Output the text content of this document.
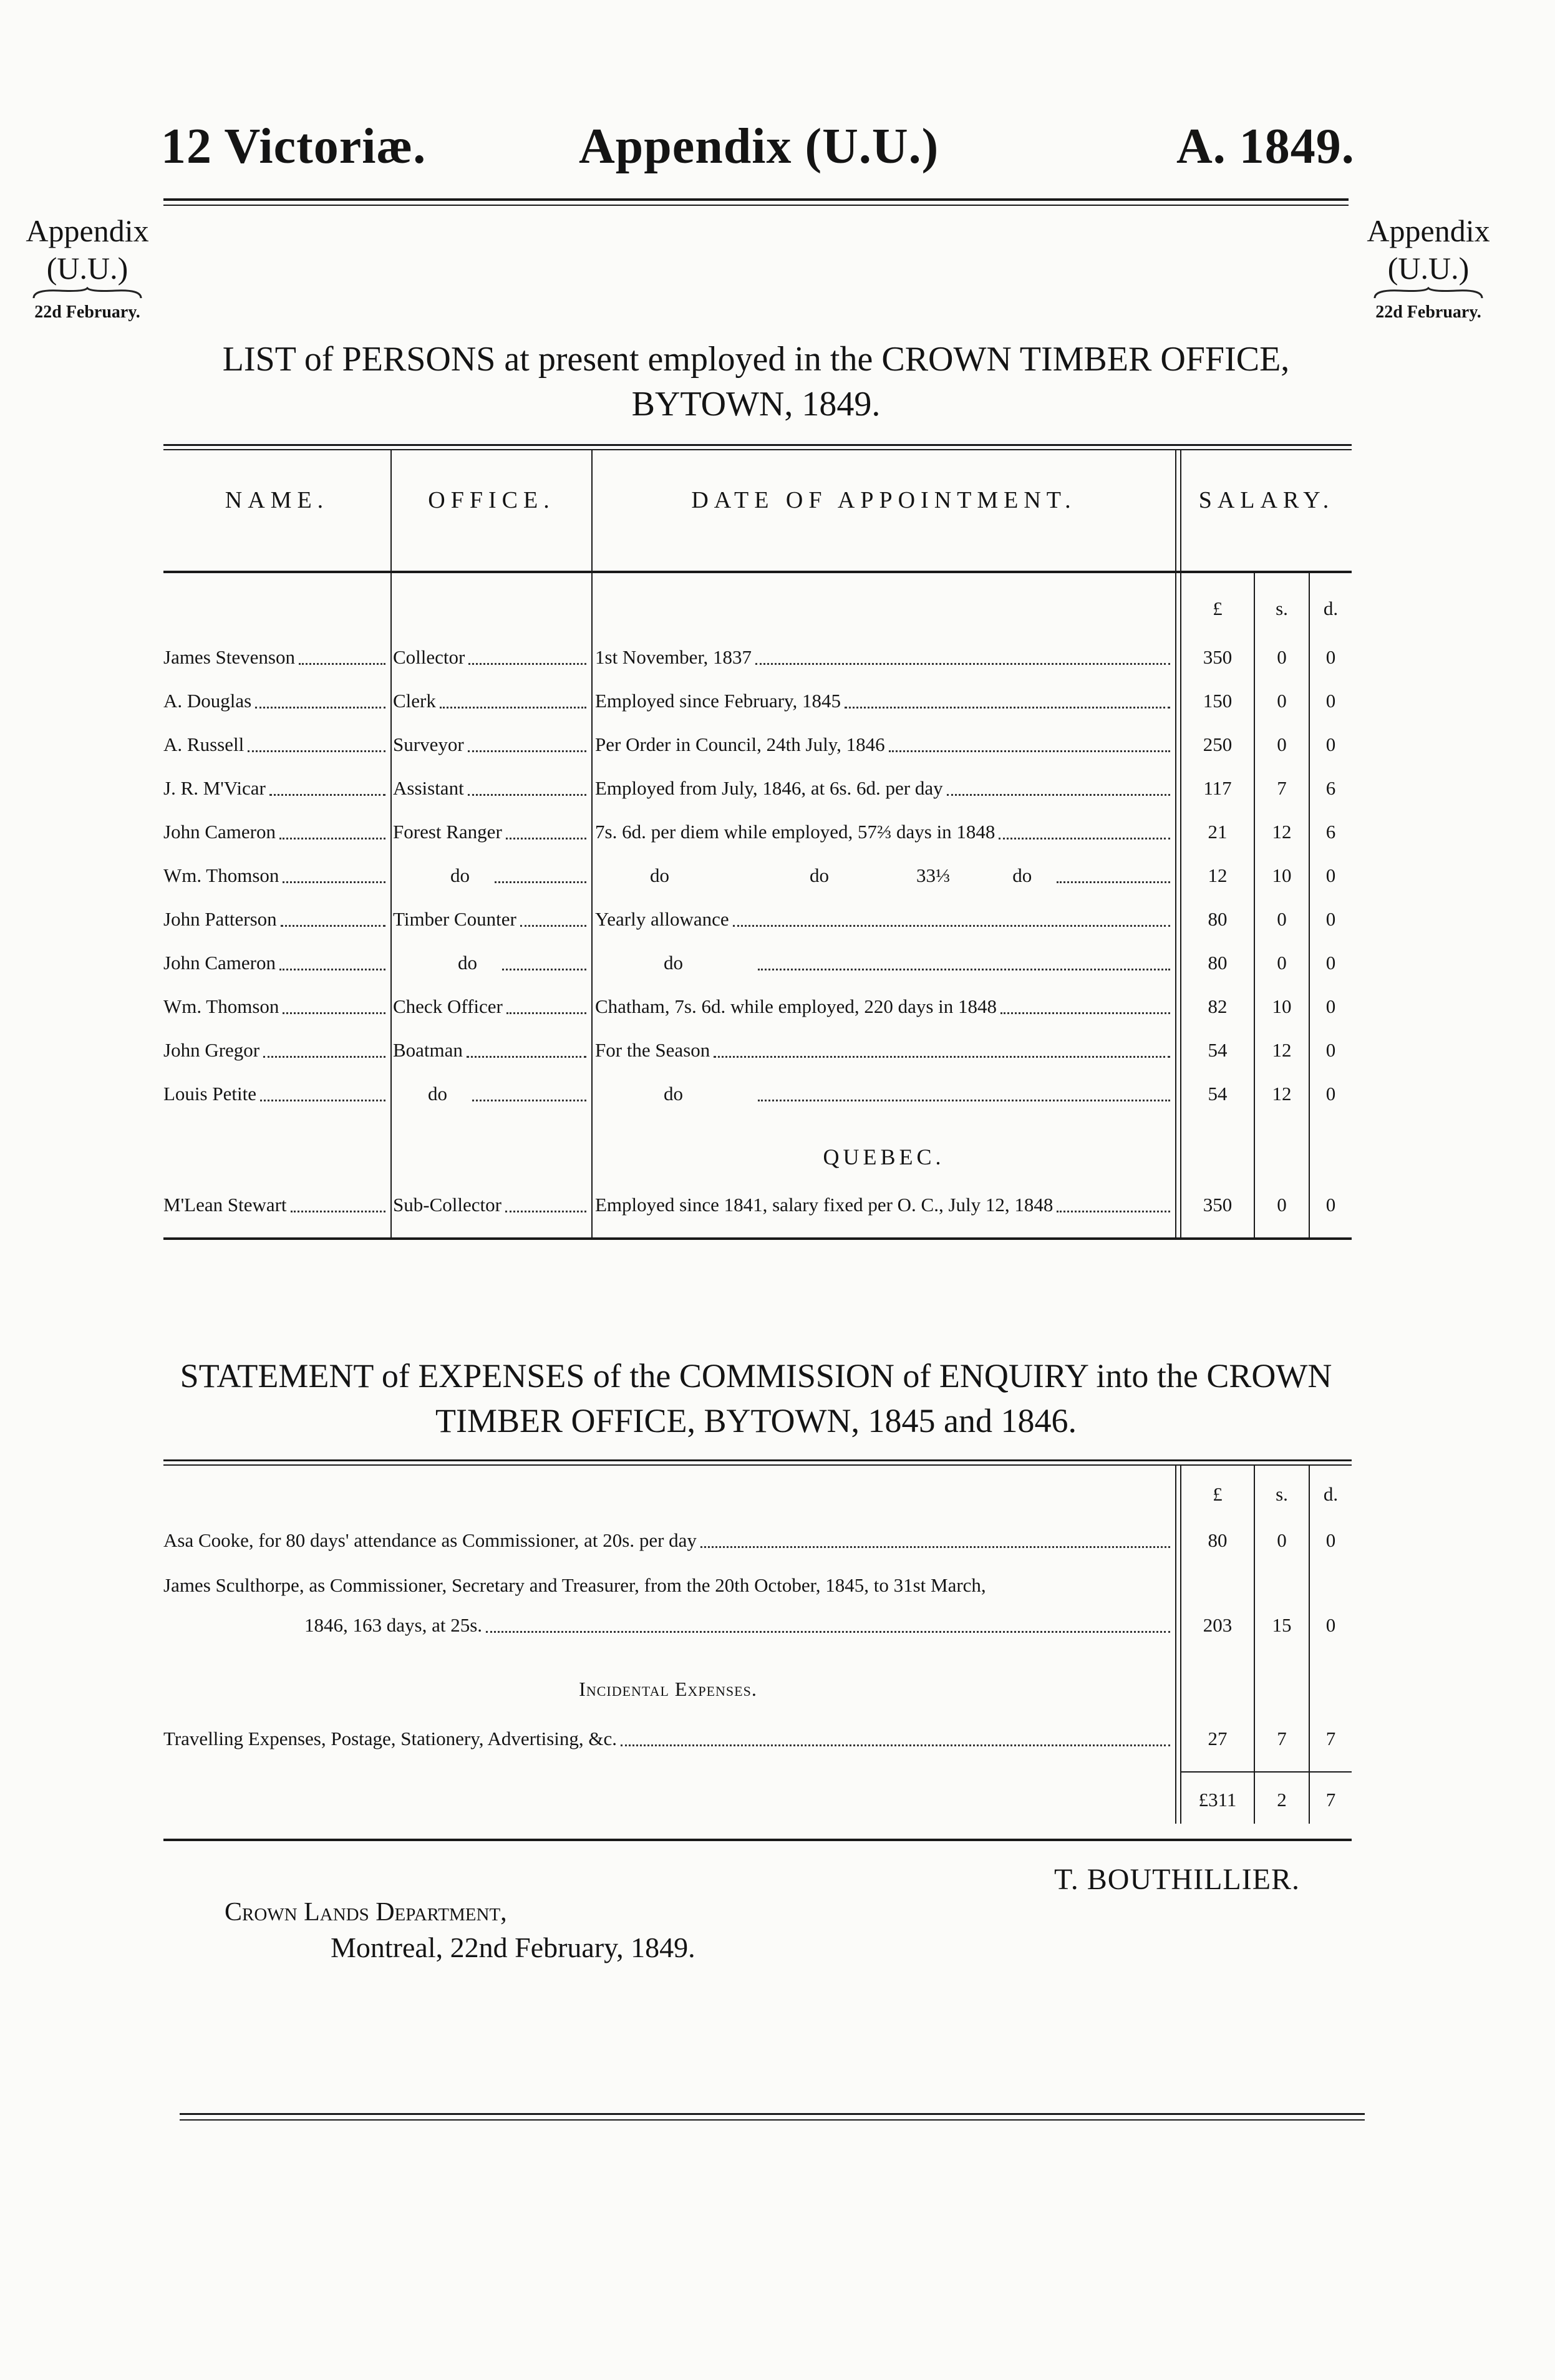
12 Victoriæ.	Appendix (U.U.)	A. 1849.
Appendix
(U.U.)
22d February.
Appendix
(U.U.)
22d February.
LIST of PERSONS at present employed in the CROWN TIMBER OFFICE,
BYTOWN, 1849.
NAME.	OFFICE.	DATE OF APPOINTMENT.	SALARY.
£	s.	d.
James Stevenson	Collector	1st November, 1837	350	0	0
A. Douglas	Clerk	Employed since February, 1845	150	0	0
A. Russell	Surveyor	Per Order in Council, 24th July, 1846	250	0	0
J. R. M'Vicar	Assistant	Employed from July, 1846, at 6s. 6d. per day	117	7	6
John Cameron	Forest Ranger	7s. 6d. per diem while employed, 57⅔ days in 1848	21	12	6
Wm. Thomson	do	do	do	33⅓	do	12	10	0
John Patterson	Timber Counter	Yearly allowance	80	0	0
John Cameron	do	do	80	0	0
Wm. Thomson	Check Officer	Chatham, 7s. 6d. while employed, 220 days in 1848	82	10	0
John Gregor	Boatman	For the Season	54	12	0
Louis Petite	do	do	54	12	0
QUEBEC.
M'Lean Stewart	Sub-Collector	Employed since 1841, salary fixed per O. C., July 12, 1848	350	0	0
STATEMENT of EXPENSES of the COMMISSION of ENQUIRY into the CROWN
TIMBER OFFICE, BYTOWN, 1845 and 1846.
£	s.	d.
Asa Cooke, for 80 days' attendance as Commissioner, at 20s. per day	80	0	0
James Sculthorpe, as Commissioner, Secretary and Treasurer, from the 20th October, 1845, to 31st March,
1846, 163 days, at 25s.	203	15	0
Incidental Expenses.
Travelling Expenses, Postage, Stationery, Advertising, &c.	27	7	7
£311	2	7
T. BOUTHILLIER.
Crown Lands Department,
Montreal, 22nd February, 1849.
